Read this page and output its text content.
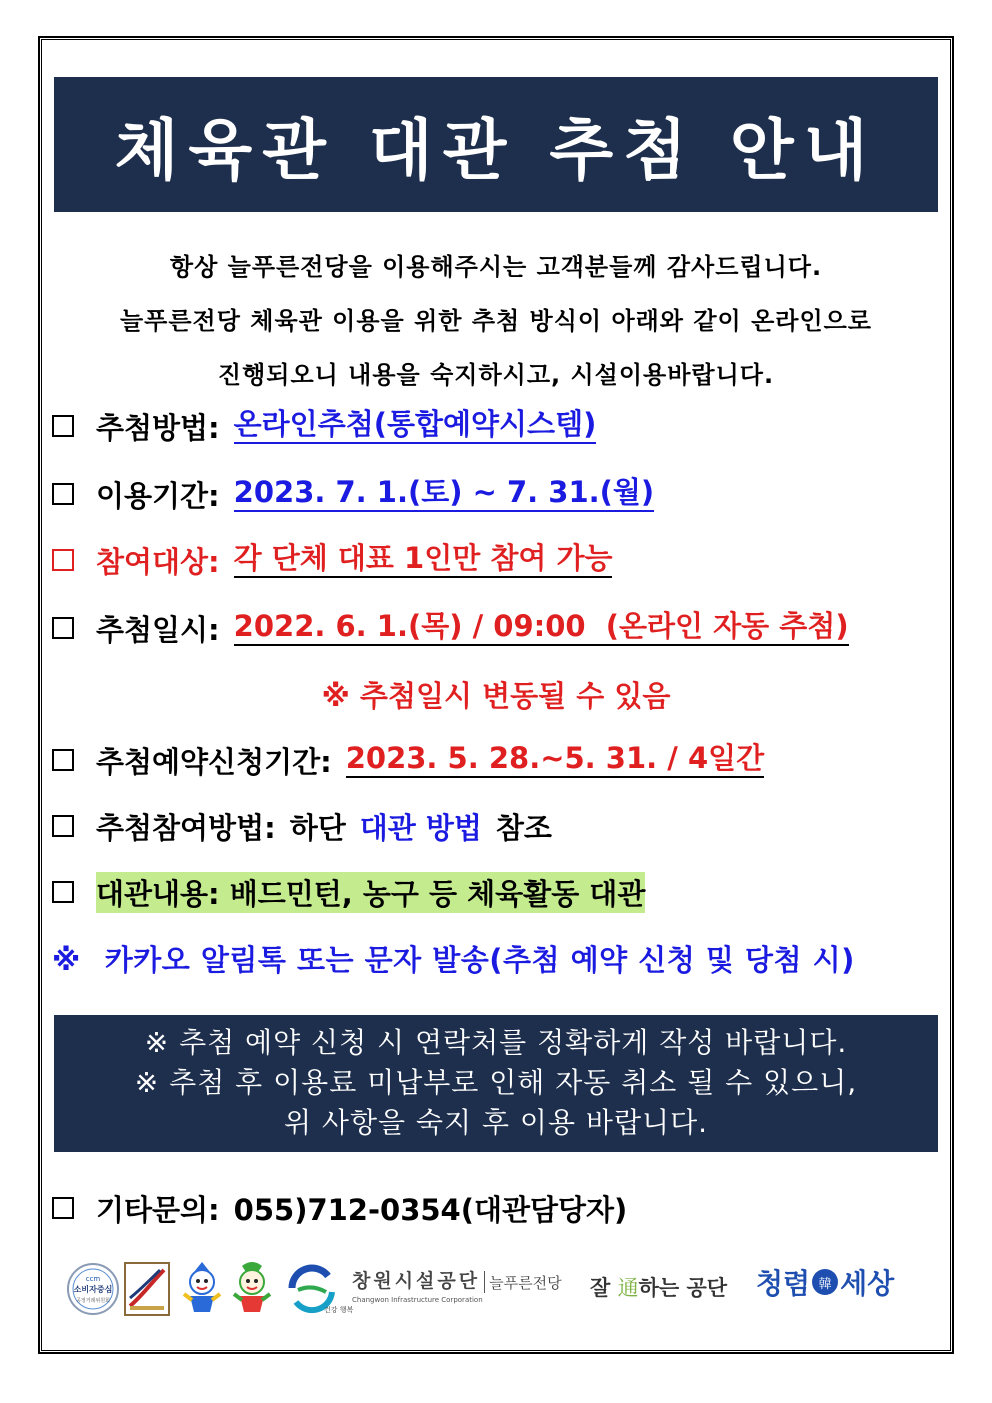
체육관 대관 추첨 안내
항상 늘푸른전당을 이용해주시는 고객분들께 감사드립니다.
늘푸른전당 체육관 이용을 위한 추첨 방식이 아래와 같이 온라인으로
진행되오니 내용을 숙지하시고, 시설이용바랍니다.
추첨방법: 온라인추첨(통합예약시스템)
이용기간: 2023. 7. 1.(토) ~ 7. 31.(월)
참여대상: 각 단체 대표 1인만 참여 가능
추첨일시: 2022. 6. 1.(목) / 09:00  (온라인 자동 추첨)
※ 추첨일시 변동될 수 있음
추첨예약신청기간: 2023. 5. 28.~5. 31. / 4일간
추첨참여방법: 하단 대관 방법 참조
대관내용: 배드민턴, 농구 등 체육활동 대관
※ 카카오 알림톡 또는 문자 발송(추첨 예약 신청 및 당첨 시)
※ 추첨 예약 신청 시 연락처를 정확하게 작성 바랍니다.
※ 추첨 후 이용료 미납부로 인해 자동 취소 될 수 있으니,
위 사항을 숙지 후 이용 바랍니다.
기타문의: 055)712-0354(대관담당자)
ccm
소비자중심
공정거래위원회
건강 행복
창원시설공단 늘푸른전당
Changwon Infrastructure Corporation	잘 通하는 공단 청렴 韓 세상
